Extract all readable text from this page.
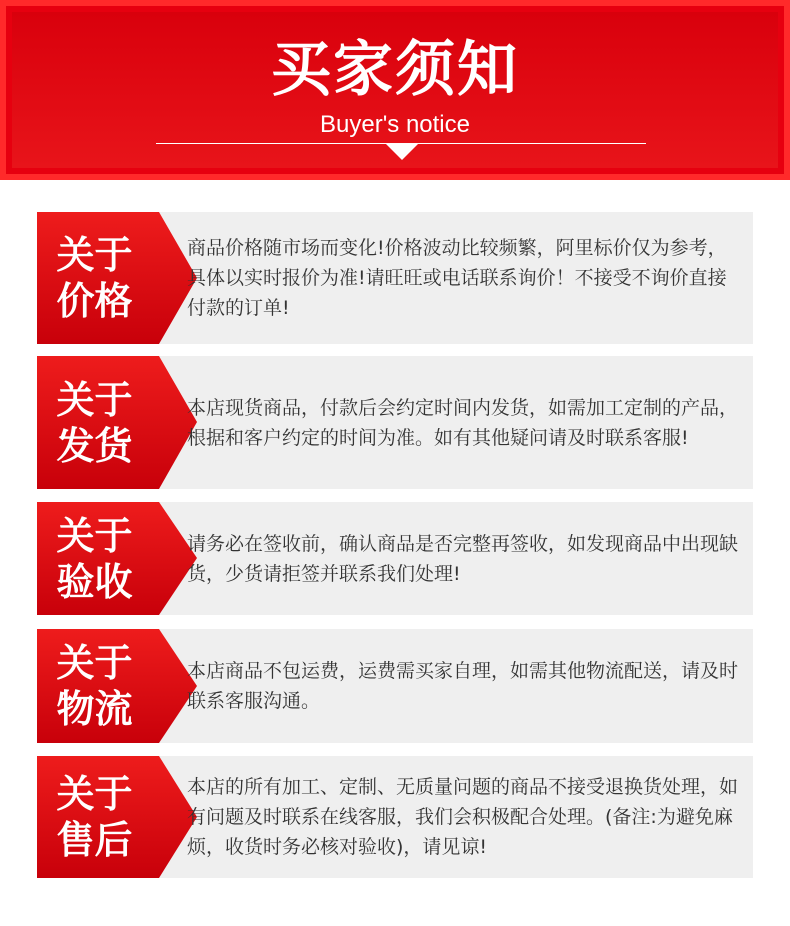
买家须知
Buyer's notice
关于
价格
商品价格随市场而变化!价格波动比较频繁，阿里标价仅为参考，具体以实时报价为准!请旺旺或电话联系询价！不接受不询价直接付款的订单!
关于
发货
本店现货商品，付款后会约定时间内发货，如需加工定制的产品，根据和客户约定的时间为准。如有其他疑问请及时联系客服!
关于
验收
请务必在签收前，确认商品是否完整再签收，如发现商品中出现缺货，少货请拒签并联系我们处理!
关于
物流
本店商品不包运费，运费需买家自理，如需其他物流配送，请及时联系客服沟通。
关于
售后
本店的所有加工、定制、无质量问题的商品不接受退换货处理，如有问题及时联系在线客服，我们会积极配合处理。(备注:为避免麻烦，收货时务必核对验收)，请见谅!
